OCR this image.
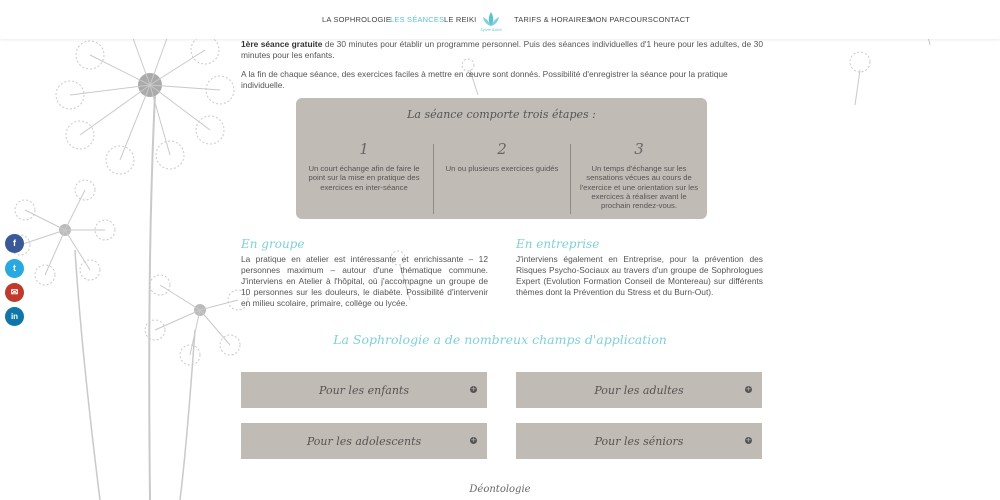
LA SOPHROLOGIE
LES SÉANCES LE REIKI
Sylvie Abelli
TARIFS & HORAIRES
MON PARCOURS CONTACT
f
t
✉
in

1ère séance gratuite de 30 minutes pour établir un programme personnel. Puis des séances individuelles d'1 heure pour les adultes, de 30 minutes pour les enfants.

A la fin de chaque séance, des exercices faciles à mettre en œuvre sont donnés. Possibilité d'enregistrer la séance pour la pratique individuelle.

La séance comporte trois étapes :
1
Un court échange afin de faire le point sur la mise en pratique des exercices en inter-séance
2
Un ou plusieurs exercices guidés
3
Un temps d'échange sur les sensations vécues au cours de l'exercice et une orientation sur les exercices à réaliser avant le prochain rendez-vous.
En groupe

La pratique en atelier est intéressante et enrichissante – 12 personnes maximum – autour d'une thématique commune. J'interviens en Atelier à l'hôpital, où j'accompagne un groupe de 10 personnes sur les douleurs, le diabète. Possibilité d'intervenir en milieu scolaire, primaire, collège ou lycée.

En entreprise

J'interviens également en Entreprise, pour la prévention des Risques Psycho-Sociaux au travers d'un groupe de Sophrologues Expert (Evolution Formation Conseil de Montereau) sur différents thèmes dont la Prévention du Stress et du Burn-Out).

La Sophrologie a de nombreux champs d'application
Pour les enfants	+	Pour les adultes	+
Pour les adolescents	+	Pour les séniors	+
Déontologie
